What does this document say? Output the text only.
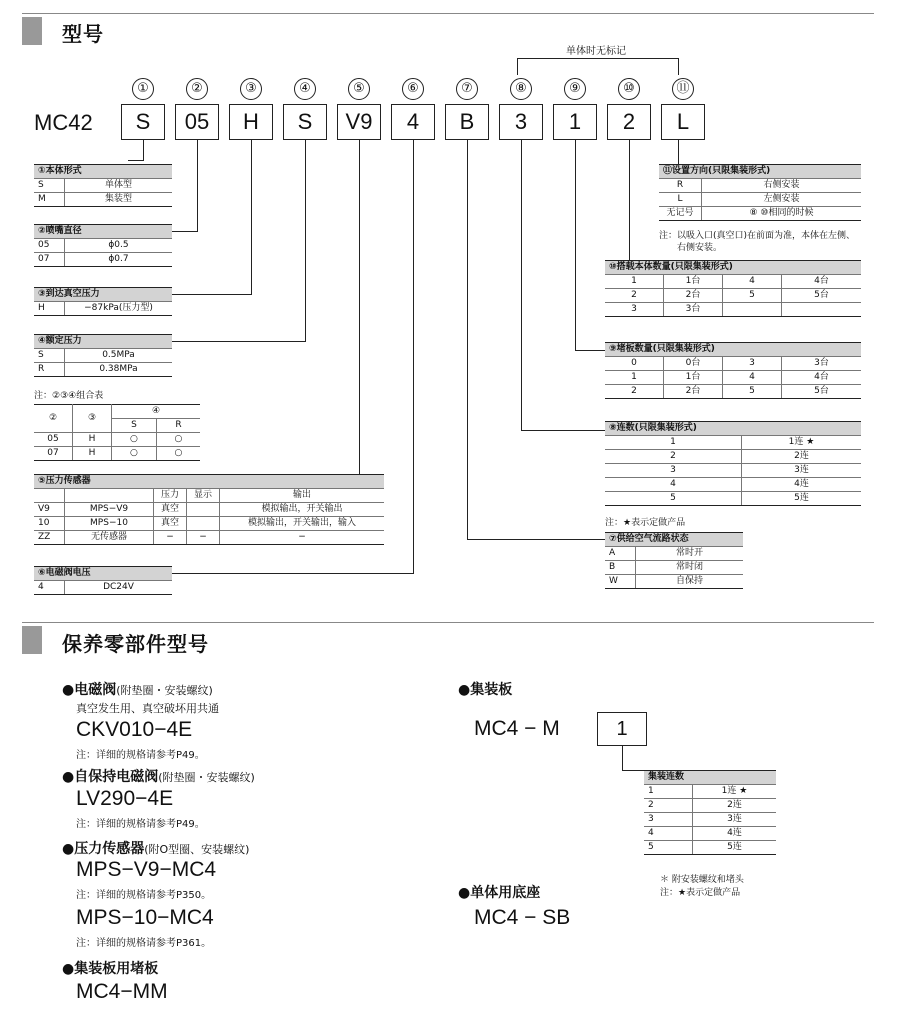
型号
单体时无标记
MC42
①
S
②
05
③
H
④
S
⑤
V9
⑥
4
⑦
B
⑧
3
⑨
1
⑩
2
⑪
L
①本体形式	
S	单体型
M	集装型
②喷嘴直径	
05	ϕ0.5
07	ϕ0.7
③到达真空压力
H	−87kPa(压力型)
④额定压力	
S	0.5MPa
R	0.38MPa
注：②③④组合表
②	③	④	
		S	R
05	H	○	○
07	H	○	○
⑤压力传感器				
		压力	显示	输出
V9	MPS−V9	真空		模拟输出，开关输出
10	MPS−10	真空		模拟输出，开关输出，输入
ZZ	无传感器	−	−	−
⑥电磁阀电压
4	DC24V
⑪设置方向(只限集装形式)	
R	右侧安装
L	左侧安装
无记号	⑧ ⑩相同的时候
注：以吸入口(真空口)在前面为准，本体在左侧、
右侧安装。
⑩搭载本体数量(只限集装形式)			
1	1台	4	4台
2	2台	5	5台
3	3台		
⑨堵板数量(只限集装形式)			
0	0台	3	3台
1	1台	4	4台
2	2台	5	5台
⑧连数(只限集装形式)	
1	1连 ★
2	2连
3	3连
4	4连
5	5连
注：★表示定做产品
⑦供给空气流路状态	
A	常时开
B	常时闭
W	自保持
保养零部件型号
●电磁阀(附垫圈・安装螺纹)
真空发生用、真空破坏用共通
CKV010−4E
注：详细的规格请参考P49。
●自保持电磁阀(附垫圈・安装螺纹)
LV290−4E
注：详细的规格请参考P49。
●压力传感器(附O型圈、安装螺纹)
MPS−V9−MC4
注：详细的规格请参考P350。
MPS−10−MC4
注：详细的规格请参考P361。
●集装板用堵板
MC4−MM
●集装板
MC4 − M	1
集装连数	
1	1连 ★
2	2连
3	3连
4	4连
5	5连
＊ 附安装螺纹和堵头
注：★表示定做产品
●单体用底座
MC4 − SB
